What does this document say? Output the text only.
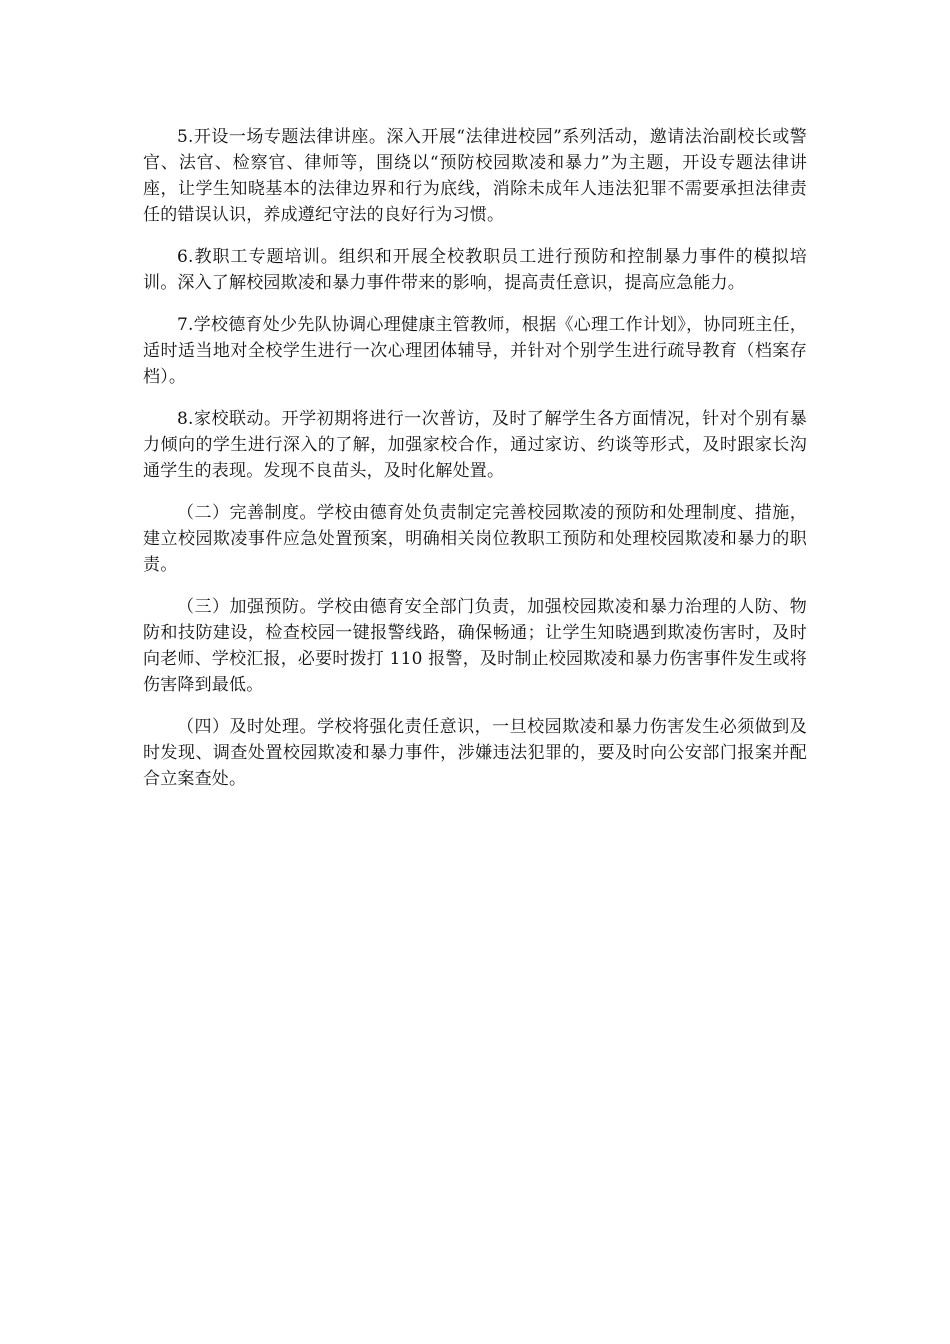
5.开设一场专题法律讲座。深入开展“法律进校园”系列活动，邀请法治副校长或警官、法官、检察官、律师等，围绕以“预防校园欺凌和暴力”为主题，开设专题法律讲座，让学生知晓基本的法律边界和行为底线，消除未成年人违法犯罪不需要承担法律责任的错误认识，养成遵纪守法的良好行为习惯。

6.教职工专题培训。组织和开展全校教职员工进行预防和控制暴力事件的模拟培训。深入了解校园欺凌和暴力事件带来的影响，提高责任意识，提高应急能力。

7.学校德育处少先队协调心理健康主管教师，根据《心理工作计划》，协同班主任，适时适当地对全校学生进行一次心理团体辅导，并针对个别学生进行疏导教育（档案存档）。

8.家校联动。开学初期将进行一次普访，及时了解学生各方面情况，针对个别有暴力倾向的学生进行深入的了解，加强家校合作，通过家访、约谈等形式，及时跟家长沟通学生的表现。发现不良苗头，及时化解处置。

（二）完善制度。学校由德育处负责制定完善校园欺凌的预防和处理制度、措施，建立校园欺凌事件应急处置预案，明确相关岗位教职工预防和处理校园欺凌和暴力的职责。

（三）加强预防。学校由德育安全部门负责，加强校园欺凌和暴力治理的人防、物防和技防建设，检查校园一键报警线路，确保畅通；让学生知晓遇到欺凌伤害时，及时向老师、学校汇报，必要时拨打 110 报警，及时制止校园欺凌和暴力伤害事件发生或将伤害降到最低。

（四）及时处理。学校将强化责任意识，一旦校园欺凌和暴力伤害发生必须做到及时发现、调查处置校园欺凌和暴力事件，涉嫌违法犯罪的，要及时向公安部门报案并配合立案查处。
